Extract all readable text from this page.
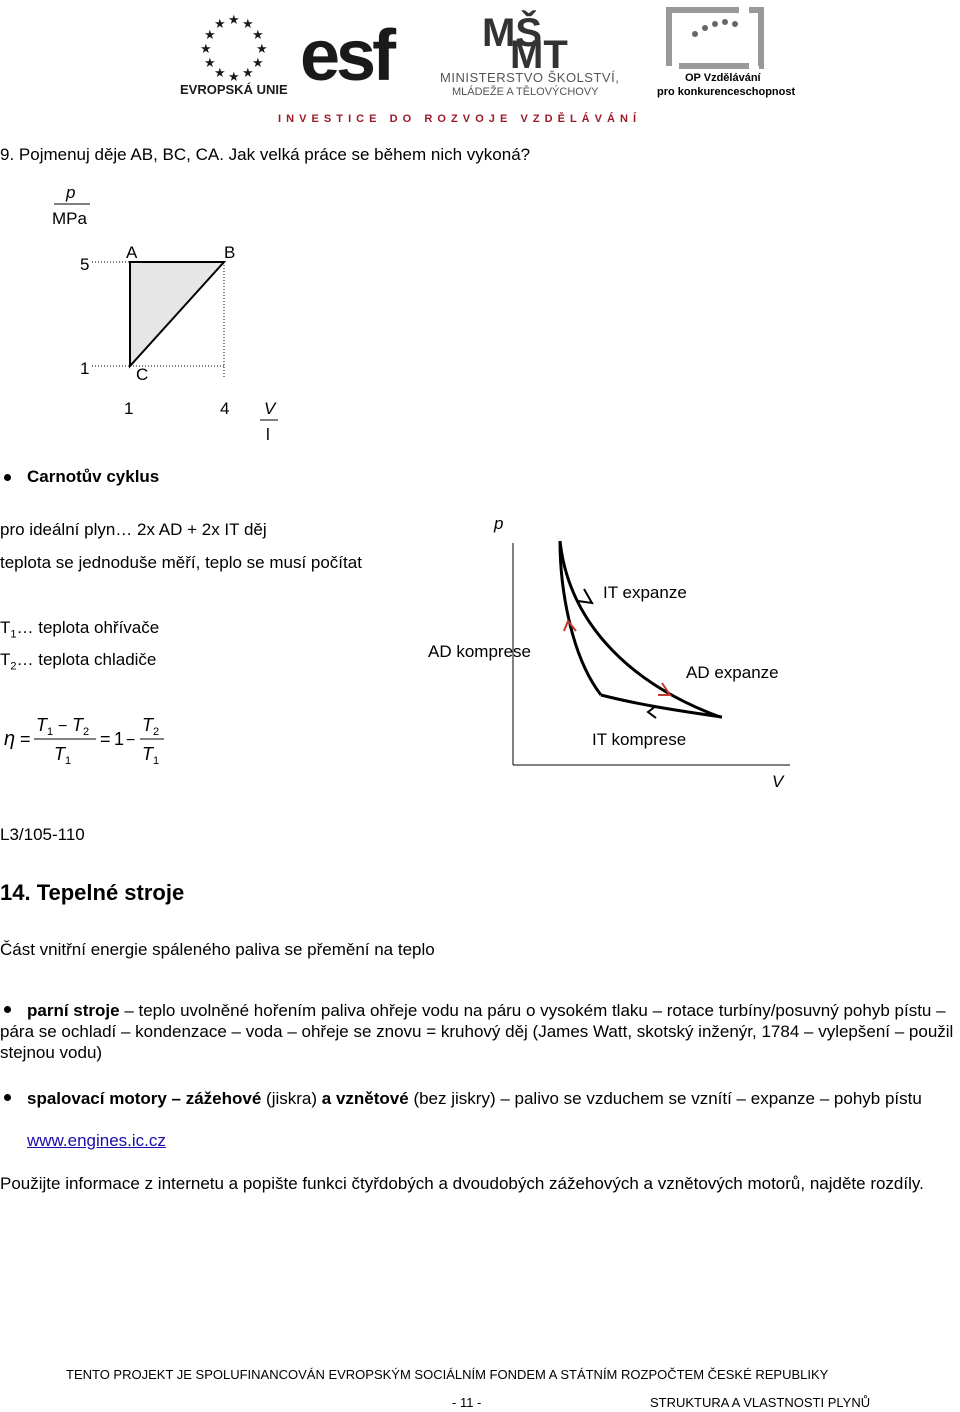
★ ★
★
★
★
★
★
★
★
★
★
★
EVROPSKÁ UNIE esf MŠ
MT
MINISTERSTVO ŠKOLSTVÍ,
MLÁDEŽE A TĚLOVÝCHOVY
OP Vzdělávání
pro konkurenceschopnost
I N V E S T I C E   D O   R O Z V O J E   V Z D Ě L Á V Á N Í
9. Pojmenuj děje AB, BC, CA. Jak velká práce se během nich vykoná?
p
MPa
5
1
A	B
C
1	4 V
l
Carnotův cyklus
pro ideální plyn… 2x AD + 2x IT děj
teplota se jednoduše měří, teplo se musí počítat
$T_1\dots$ teplota ohřívače
$T_2\dots$ teplota chladiče
η =
T 1 − T 2
T 1
= 1 −
T 2
T 1
p
V
IT expanze
AD komprese
AD expanze
IT komprese
L3/105-110
14. Tepelné stroje
Část vnitřní energie spáleného paliva se přemění na teplo
parní stroje – teplo uvolněné hořením paliva ohřeje vodu na páru o vysokém tlaku – rotace turbíny/posuvný pohyb pístu – pára se ochladí – kondenzace – voda – ohřeje se znovu = kruhový děj (James Watt, skotský inženýr, 1784 – vylepšení – použil stejnou vodu)
spalovací motory – zážehové (jiskra) a vznětové (bez jiskry) – palivo se vzduchem se vznítí – expanze – pohyb pístu
www.engines.ic.cz
Použijte informace z internetu a popište funkci čtyřdobých a dvoudobých zážehových a vznětových motorů, najděte rozdíly.
TENTO PROJEKT JE SPOLUFINANCOVÁN EVROPSKÝM SOCIÁLNÍM FONDEM A STÁTNÍM ROZPOČTEM ČESKÉ REPUBLIKY
- 11 -	STRUKTURA A VLASTNOSTI PLYNŮ
